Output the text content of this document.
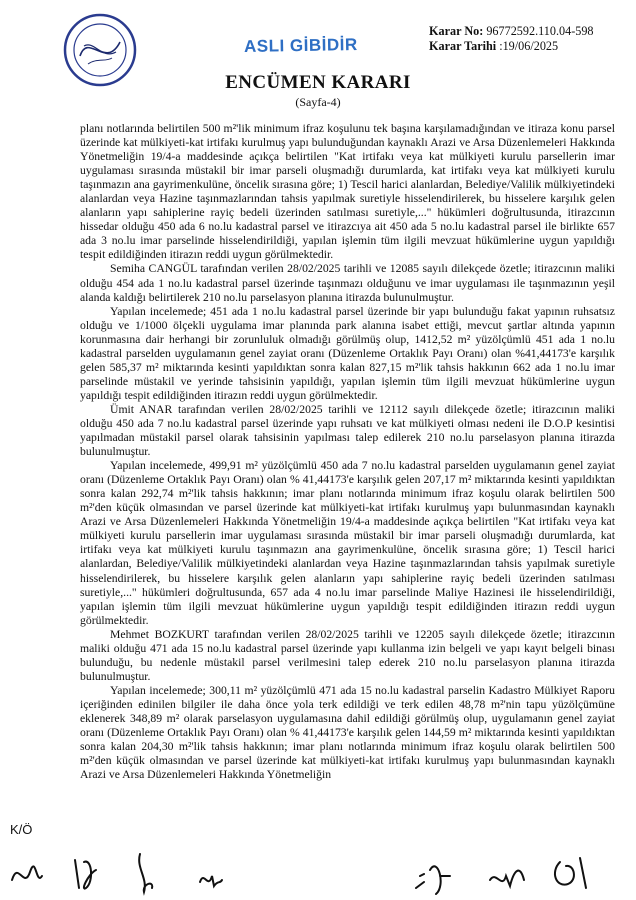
ASLI GİBİDİR
Karar No: 96772592.110.04-598
Karar Tarihi :19/06/2025
ENCÜMEN KARARI
(Sayfa-4)

planı notlarında belirtilen 500 m²'lik minimum ifraz koşulunu tek başına karşılamadığından ve itiraza konu parsel üzerinde kat mülkiyeti-kat irtifakı kurulmuş yapı bulunduğundan kaynaklı Arazi ve Arsa Düzenlemeleri Hakkında Yönetmeliğin 19/4-a maddesinde açıkça belirtilen "Kat irtifakı veya kat mülkiyeti kurulu parsellerin imar uygulaması sırasında müstakil bir imar parseli oluşmadığı durumlarda, kat irtifakı veya kat mülkiyeti kurulu taşınmazın ana gayrimenkulüne, öncelik sırasına göre; 1) Tescil harici alanlardan, Belediye/Valilik mülkiyetindeki alanlardan veya Hazine taşınmazlarından tahsis yapılmak suretiyle hisselendirilerek, bu hisselere karşılık gelen alanların yapı sahiplerine rayiç bedeli üzerinden satılması suretiyle,..." hükümleri doğrultusunda, itirazcının hissedar olduğu 450 ada 6 no.lu kadastral parsel ve itirazcıya ait 450 ada 5 no.lu kadastral parsel ile birlikte 657 ada 3 no.lu imar parselinde hisselendirildiği, yapılan işlemin tüm ilgili mevzuat hükümlerine uygun yapıldığı tespit edildiğinden itirazın reddi uygun görülmektedir.

Semiha CANGÜL tarafından verilen 28/02/2025 tarihli ve 12085 sayılı dilekçede özetle; itirazcının maliki olduğu 454 ada 1 no.lu kadastral parsel üzerinde taşınmazı olduğunu ve imar uygulaması ile taşınmazının yeşil alanda kaldığı belirtilerek 210 no.lu parselasyon planına itirazda bulunulmuştur.

Yapılan incelemede; 451 ada 1 no.lu kadastral parsel üzerinde bir yapı bulunduğu fakat yapının ruhsatsız olduğu ve 1/1000 ölçekli uygulama imar planında park alanına isabet ettiği, mevcut şartlar altında yapının korunmasına dair herhangi bir zorunluluk olmadığı görülmüş olup, 1412,52 m² yüzölçümlü 451 ada 1 no.lu kadastral parselden uygulamanın genel zayiat oranı (Düzenleme Ortaklık Payı Oranı) olan %41,44173'e karşılık gelen 585,37 m² miktarında kesinti yapıldıktan sonra kalan 827,15 m²'lik tahsis hakkının 662 ada 1 no.lu imar parselinde müstakil ve yerinde tahsisinin yapıldığı, yapılan işlemin tüm ilgili mevzuat hükümlerine uygun yapıldığı tespit edildiğinden itirazın reddi uygun görülmektedir.

Ümit ANAR tarafından verilen 28/02/2025 tarihli ve 12112 sayılı dilekçede özetle; itirazcının maliki olduğu 450 ada 7 no.lu kadastral parsel üzerinde yapı ruhsatı ve kat mülkiyeti olması nedeni ile D.O.P kesintisi yapılmadan müstakil parsel olarak tahsisinin yapılması talep edilerek 210 no.lu parselasyon planına itirazda bulunulmuştur.

Yapılan incelemede, 499,91 m² yüzölçümlü 450 ada 7 no.lu kadastral parselden uygulamanın genel zayiat oranı (Düzenleme Ortaklık Payı Oranı) olan % 41,44173'e karşılık gelen 207,17 m² miktarında kesinti yapıldıktan sonra kalan 292,74 m²'lik tahsis hakkının; imar planı notlarında minimum ifraz koşulu olarak belirtilen 500 m²'den küçük olmasından ve parsel üzerinde kat mülkiyeti-kat irtifakı kurulmuş yapı bulunmasından kaynaklı Arazi ve Arsa Düzenlemeleri Hakkında Yönetmeliğin 19/4-a maddesinde açıkça belirtilen "Kat irtifakı veya kat mülkiyeti kurulu parsellerin imar uygulaması sırasında müstakil bir imar parseli oluşmadığı durumlarda, kat irtifakı veya kat mülkiyeti kurulu taşınmazın ana gayrimenkulüne, öncelik sırasına göre; 1) Tescil harici alanlardan, Belediye/Valilik mülkiyetindeki alanlardan veya Hazine taşınmazlarından tahsis yapılmak suretiyle hisselendirilerek, bu hisselere karşılık gelen alanların yapı sahiplerine rayiç bedeli üzerinden satılması suretiyle,..." hükümleri doğrultusunda, 657 ada 4 no.lu imar parselinde Maliye Hazinesi ile hisselendirildiği, yapılan işlemin tüm ilgili mevzuat hükümlerine uygun yapıldığı tespit edildiğinden itirazın reddi uygun görülmektedir.

Mehmet BOZKURT tarafından verilen 28/02/2025 tarihli ve 12205 sayılı dilekçede özetle; itirazcının maliki olduğu 471 ada 15 no.lu kadastral parsel üzerinde yapı kullanma izin belgeli ve yapı kayıt belgeli binası bulunduğu, bu nedenle müstakil parsel verilmesini talep ederek 210 no.lu parselasyon planına itirazda bulunulmuştur.

Yapılan incelemede; 300,11 m² yüzölçümlü 471 ada 15 no.lu kadastral parselin Kadastro Mülkiyet Raporu içeriğinden edinilen bilgiler ile daha önce yola terk edildiği ve terk edilen 48,78 m²'nin tapu yüzölçümüne eklenerek 348,89 m² olarak parselasyon uygulamasına dahil edildiği görülmüş olup, uygulamanın genel zayiat oranı (Düzenleme Ortaklık Payı Oranı) olan % 41,44173'e karşılık gelen 144,59 m² miktarında kesinti yapıldıktan sonra kalan 204,30 m²'lik tahsis hakkının; imar planı notlarında minimum ifraz koşulu olarak belirtilen 500 m²'den küçük olmasından ve parsel üzerinde kat mülkiyeti-kat irtifakı kurulmuş yapı bulunmasından kaynaklı Arazi ve Arsa Düzenlemeleri Hakkında Yönetmeliğin

K/Ö
